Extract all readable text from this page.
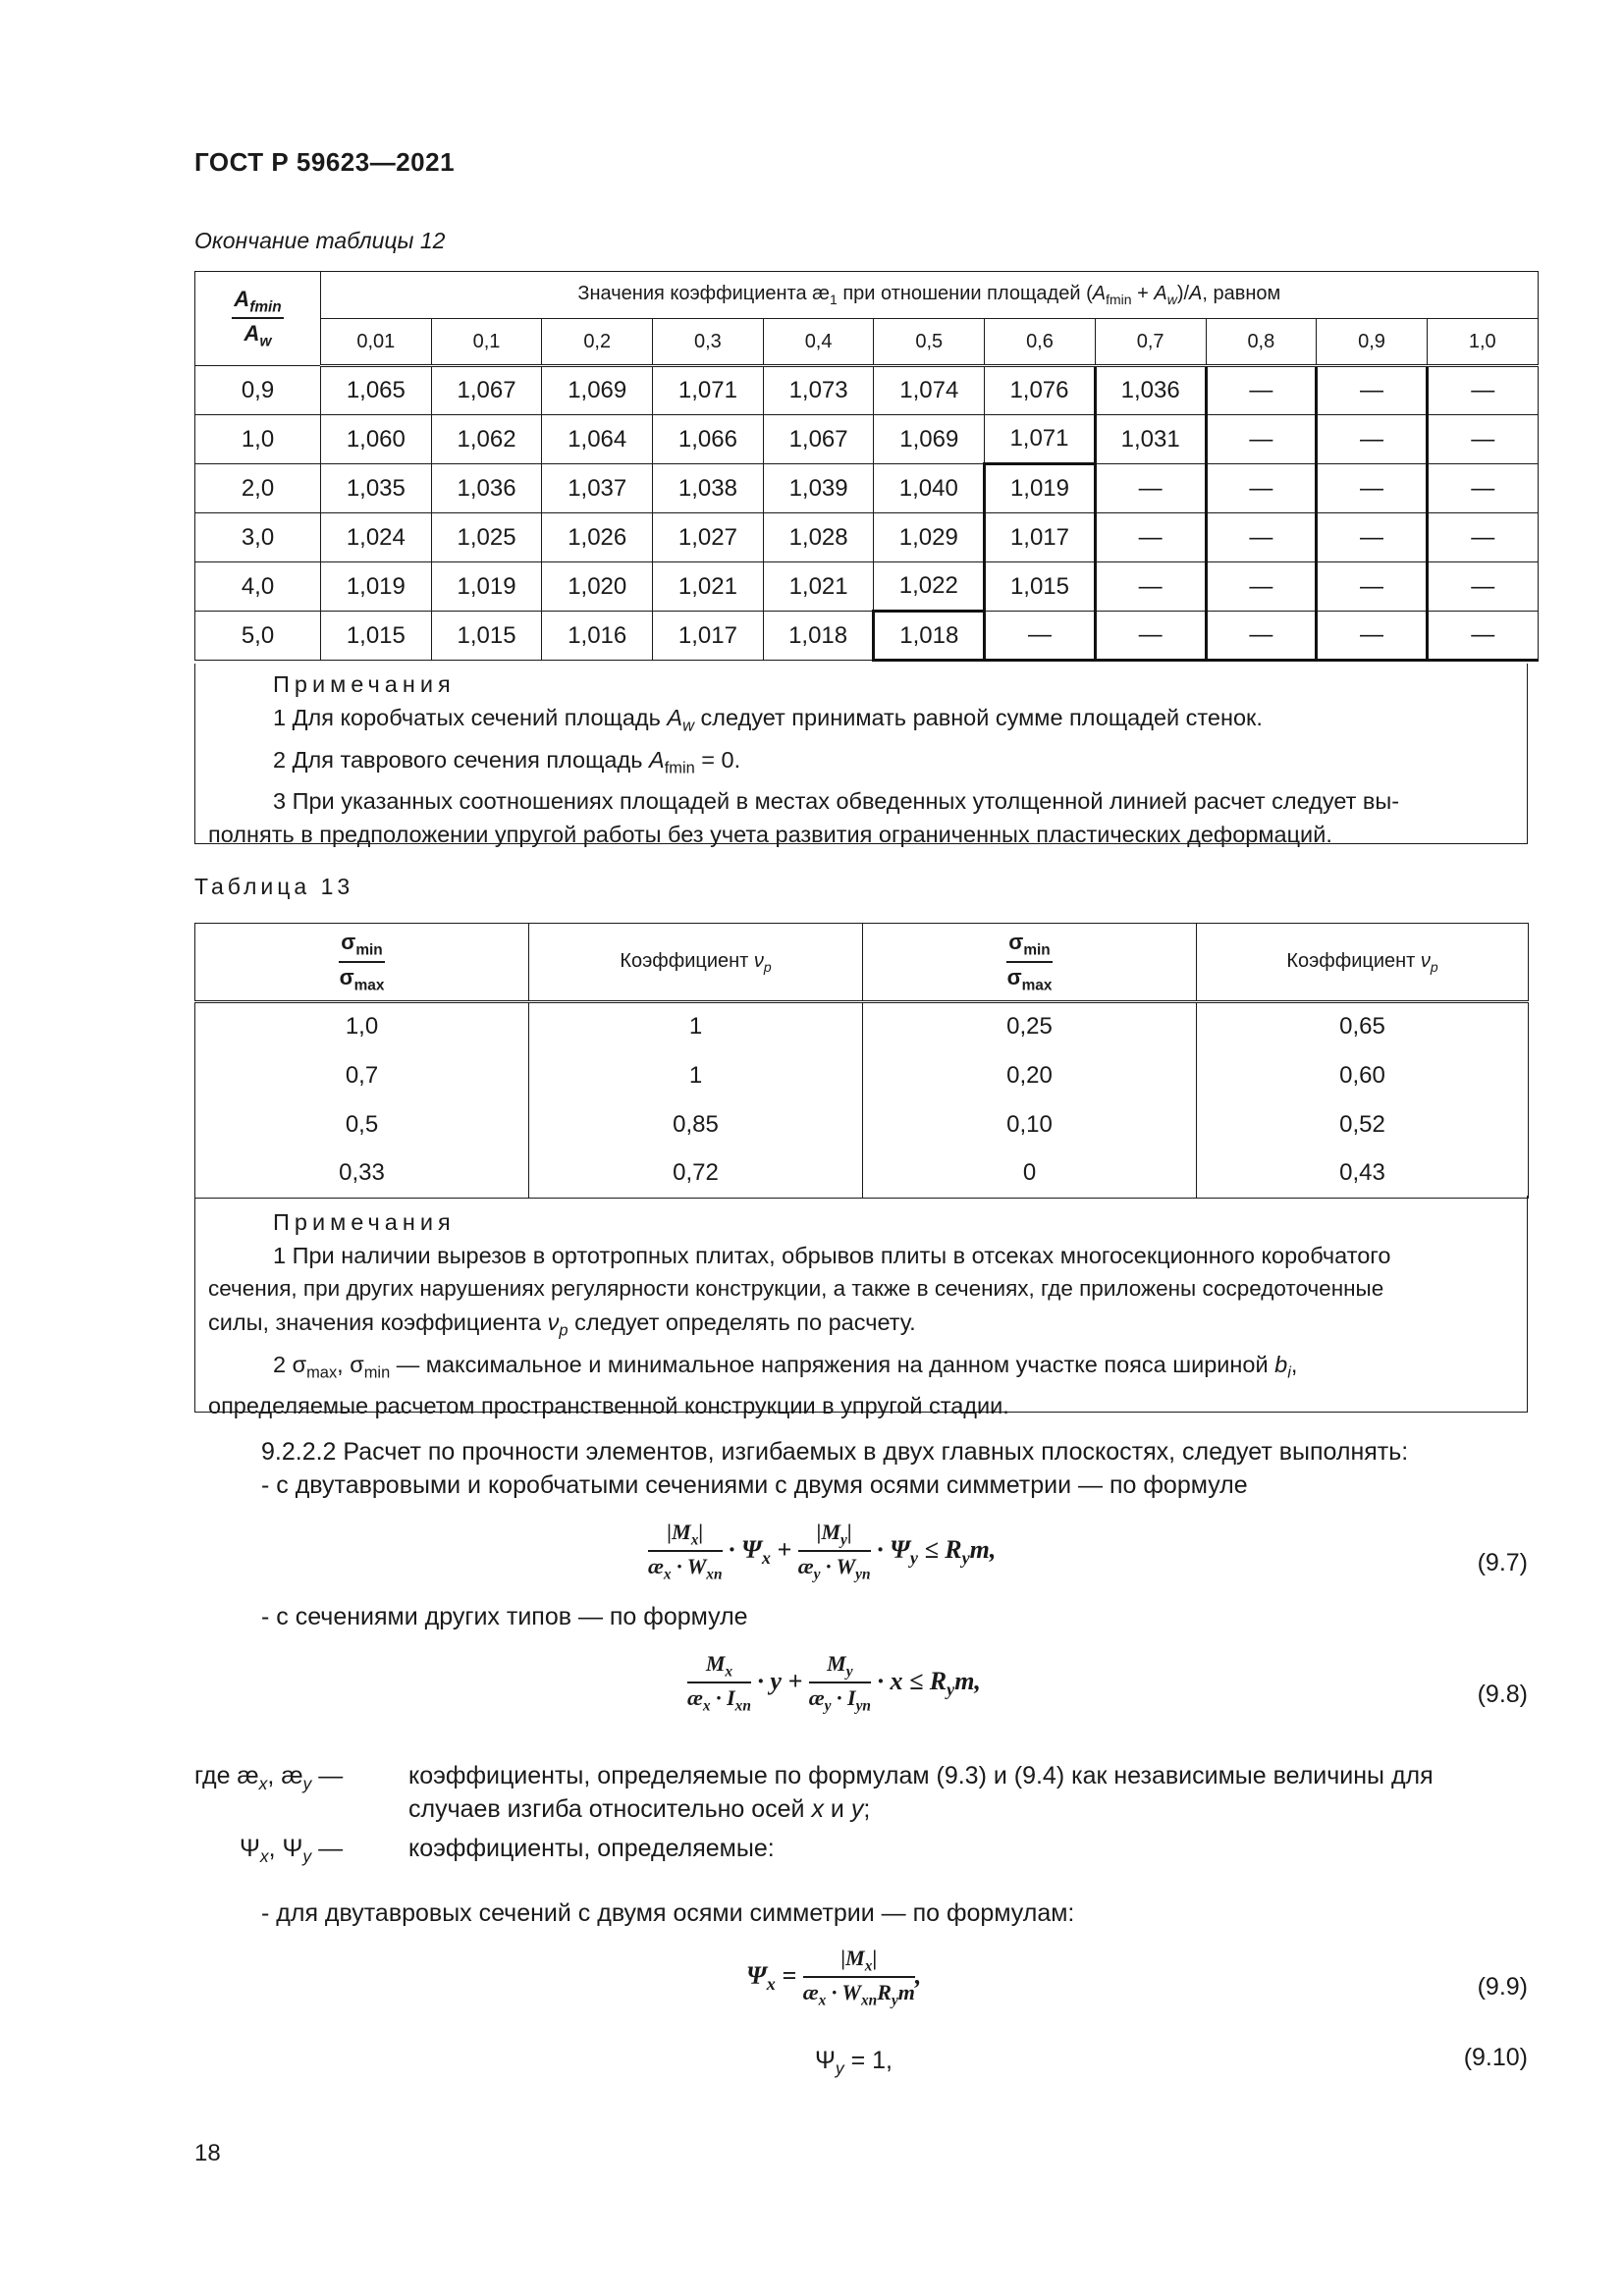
ГОСТ Р 59623—2021
Окончание таблицы 12
$\frac{A_{fmin}}{A_w}$	Значения коэффициента $æ_1$ при отношении площадей $(A_{fmin} + A_w)/A$, равном										
	0,01	0,1	0,2	0,3	0,4	0,5	0,6	0,7	0,8	0,9	1,0
0,9	1,065	1,067	1,069	1,071	1,073	1,074	1,076	1,036	—	—	—
1,0	1,060	1,062	1,064	1,066	1,067	1,069	1,071	1,031	—	—	—
2,0	1,035	1,036	1,037	1,038	1,039	1,040	1,019	—	—	—	—
3,0	1,024	1,025	1,026	1,027	1,028	1,029	1,017	—	—	—	—
4,0	1,019	1,019	1,020	1,021	1,021	1,022	1,015	—	—	—	—
5,0	1,015	1,015	1,016	1,017	1,018	1,018	—	—	—	—	—
Примечания
1 Для коробчатых сечений площадь $A_w$ следует принимать равной сумме площадей стенок.
2 Для таврового сечения площадь $A_{fmin} = 0$.
3 При указанных соотношениях площадей в местах обведенных утолщенной линией расчет следует вы-
полнять в предположении упругой работы без учета развития ограниченных пластических деформаций.
Таблица 13
$\frac{\sigma_{min}}{\sigma_{max}}$	Коэффициент $\nu_p$	$\frac{\sigma_{min}}{\sigma_{max}}$	Коэффициент $\nu_p$
1,0	1	0,25	0,65
0,7	1	0,20	0,60
0,5	0,85	0,10	0,52
0,33	0,72	0	0,43
Примечания
1 При наличии вырезов в ортотропных плитах, обрывов плиты в отсеках многосекционного коробчатого
сечения, при других нарушениях регулярности конструкции, а также в сечениях, где приложены сосредоточенные
силы, значения коэффициента $\nu_p$ следует определять по расчету.
2 $\sigma_{max}$, $\sigma_{min}$ — максимальное и минимальное напряжения на данном участке пояса шириной $b_i$,
определяемые расчетом пространственной конструкции в упругой стадии.
9.2.2.2 Расчет по прочности элементов, изгибаемых в двух главных плоскостях, следует выполнять:
- с двутавровыми и коробчатыми сечениями с двумя осями симметрии — по формуле
$\frac{|M_x|}{æ_x \cdot W_{xn}} \cdot \Psi_x + \frac{|M_y|}{æ_y \cdot W_{yn}} \cdot \Psi_y \le R_ym$,	(9.7)
- с сечениями других типов — по формуле
$\frac{M_x}{æ_x \cdot I_{xn}} \cdot y + \frac{M_y}{æ_y \cdot I_{yn}} \cdot x \le R_ym$,	(9.8)
где $æ_x$, $æ_y$ —	коэффициенты, определяемые по формулам (9.3) и (9.4) как независимые величины для
случаев изгиба относительно осей x и y;
$\Psi_x$, $\Psi_y$ —	коэффициенты, определяемые:
- для двутавровых сечений с двумя осями симметрии — по формулам:
$\Psi_x = \frac{|M_x|}{æ_x \cdot W_{xn}R_ym}$ ,	(9.9)
$\Psi_y = 1$,	(9.10)
18
